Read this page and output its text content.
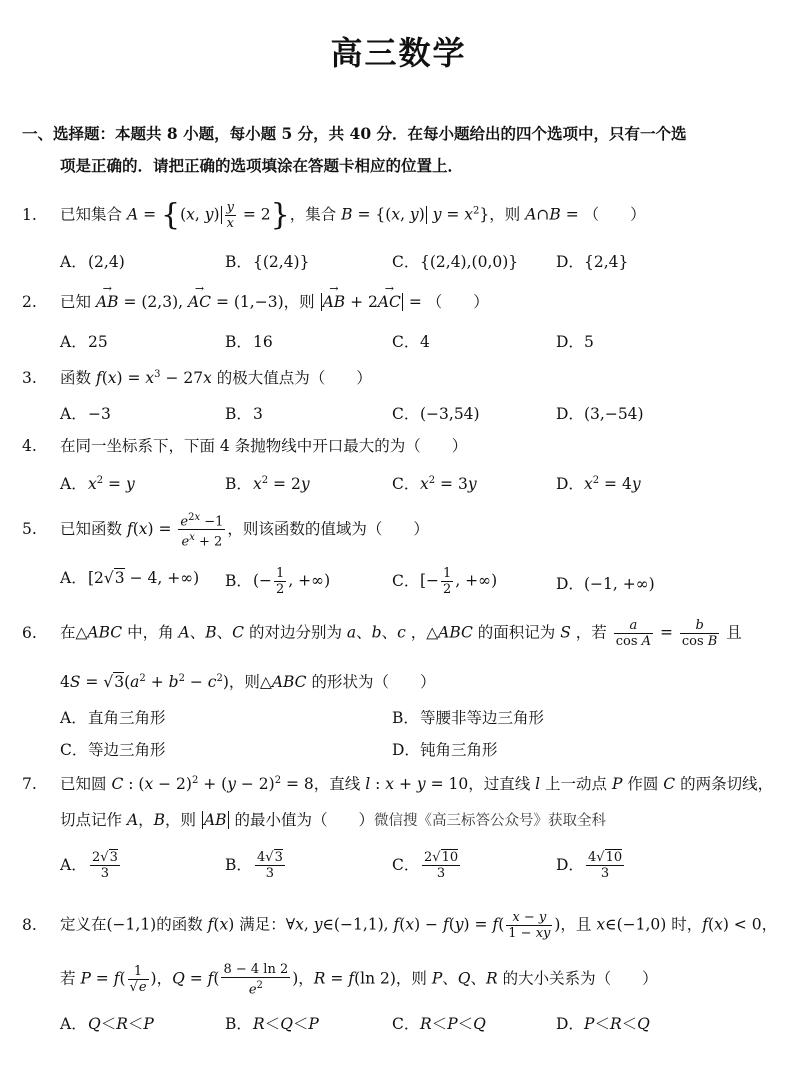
高三数学
一、选择题：本题共 8 小题，每小题 5 分，共 40 分．在每小题给出的四个选项中，只有一个选
项是正确的．请把正确的选项填涂在答题卡相应的位置上．
1. 已知集合 A = {(x, $y) \frac{y}{x} = 2$}，集合 B = {(x, y) $y = x^2$}，则 A∩B = （　　）
A．(2,4)	B．{(2,4)}	C．{(2,4),(0,0)} D．{2,4}
2. 已知 → AB = (2,3), → AC = (1,−3)，则 → AB + 2→ AC = （　　）
A．25	B．16	C．4	D．5
3. 函数 $f(x) = x^3 - 27x$ 的极大值点为（　　）
A．−3	B．3	C．(−3,54)	D．(3,−54)
4. 在同一坐标系下，下面 4 条抛物线中开口最大的为（　　）
A．$x^2 = y$	B．$x^2 = 2y$	C．$x^2 = 3y$	D．$x^2 = 4y$
5. 已知函数 $f(x) = \frac{e^{2x} -1}{e^x + 2}$ ，则该函数的值域为（　　）
A．[2√3 − 4, +∞) B．(− $\frac{1}{2}$ , +∞)	C．[− $\frac{1}{2}$ , +∞)	D．(−1, +∞)
6. 在△ABC 中，角 A、B、C 的对边分别为 a、b、c ，△ABC 的面积记为 S ，若 $\frac{a}{\text{cos A}} = \frac{b}{\text{cos B}}$ 且
$4S = √3(a^2 + b^2 - c^2)$，则△ABC 的形状为（　　）
A．直角三角形	B．等腰非等边三角形
C．等边三角形	D．钝角三角形
7. 已知圆 C : $(x - 2)^2 + (y - 2)^2 = 8$，直线 l : x + y = 10，过直线 l 上一动点 P 作圆 C 的两条切线，
切点记作 A，B，则 AB 的最小值为（　　）微信搜《高三标答公众号》获取全科
A． $\frac{2√3}{3}$	B． $\frac{4√3}{3}$	C． $\frac{2√10}{3}$	D． $\frac{4√10}{3}$
8. 定义在(−1,1)的函数 f(x) 满足：∀x, y∈(−1,1), $f(x) - f(y) = f( \frac{x - y}{1 - xy}$ )，且 x∈(−1,0) 时，f(x) < 0，
若 $P = f( \frac{1}{√e}$ )，$Q = f( \frac{8 - 4 \ln 2}{e^2}$ )，R = f(ln 2)，则 P、Q、R 的大小关系为（　　）
A．Q＜R＜P	B．R＜Q＜P	C．R＜P＜Q	D．P＜R＜Q
